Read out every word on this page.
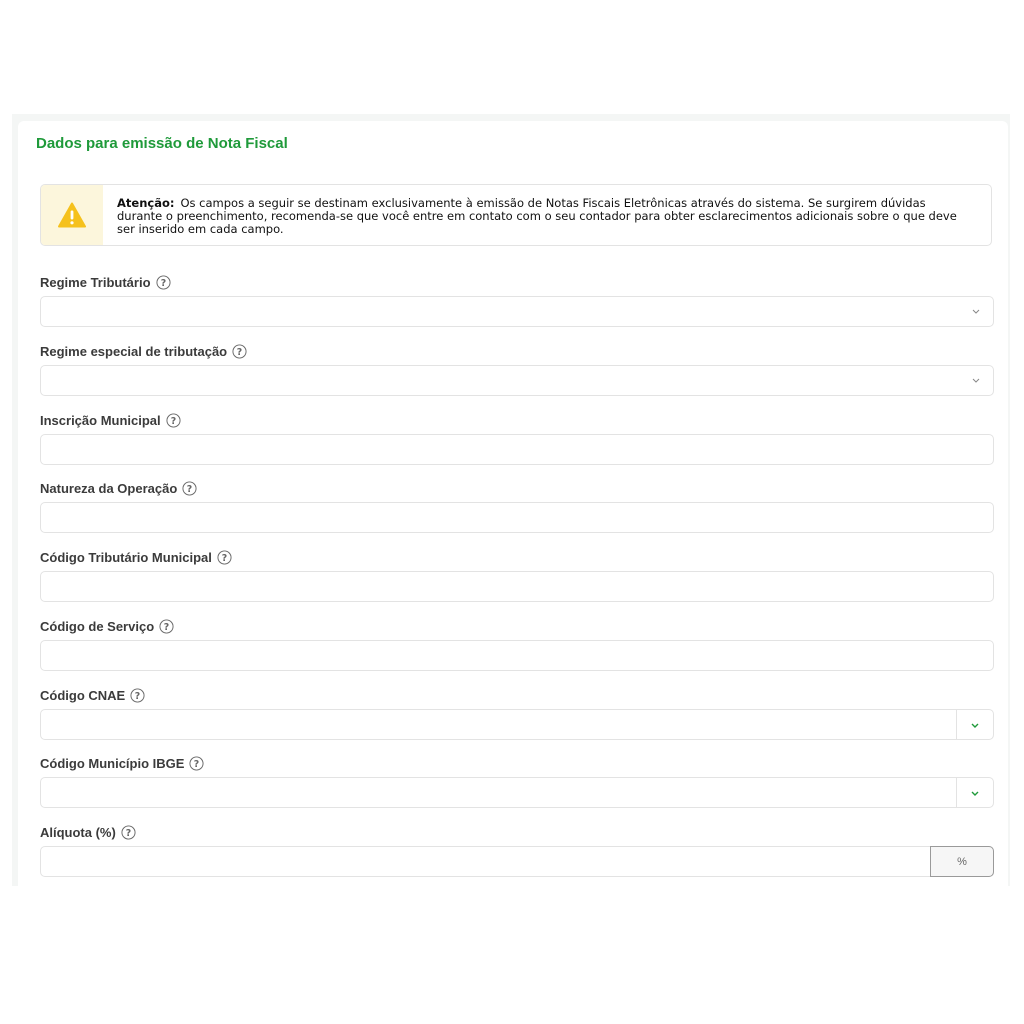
Dados para emissão de Nota Fiscal
Atenção: Os campos a seguir se destinam exclusivamente à emissão de Notas Fiscais Eletrônicas através do sistema. Se surgirem dúvidas durante o preenchimento, recomenda-se que você entre em contato com o seu contador para obter esclarecimentos adicionais sobre o que deve ser inserido em cada campo.
Regime Tributário ?
Regime especial de tributação ?
Inscrição Municipal ?
Natureza da Operação ?
Código Tributário Municipal ?
Código de Serviço ?
Código CNAE ?
Código Município IBGE ?
Alíquota (%) ?
%
